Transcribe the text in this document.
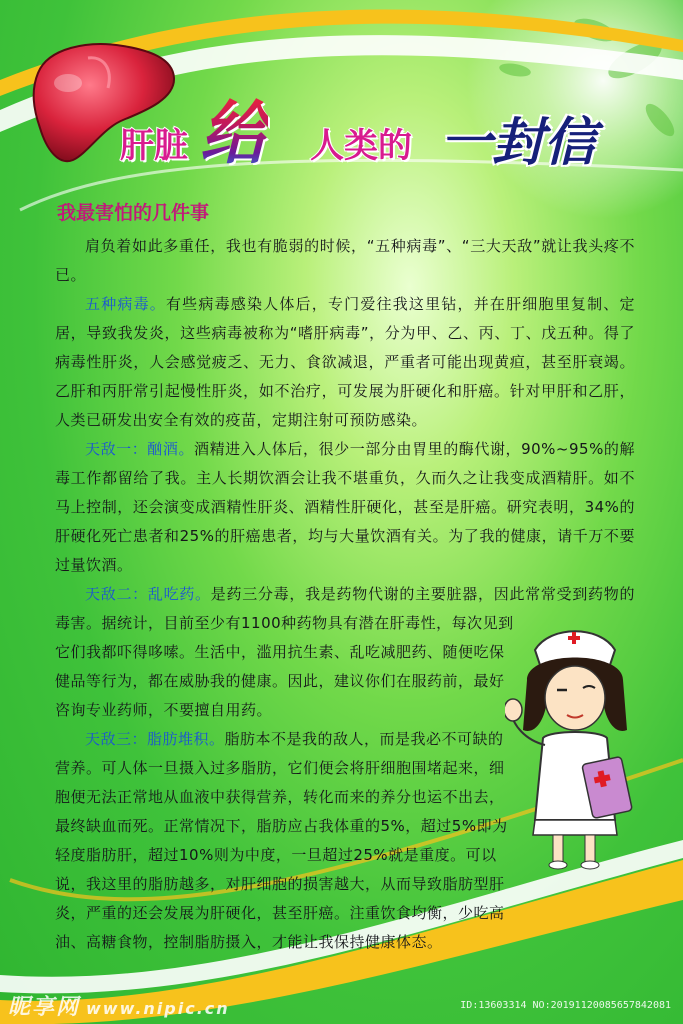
肝脏 给 人类的 一封信
我最害怕的几件事

肩负着如此多重任，我也有脆弱的时候，“五种病毒”、“三大天敌”就让我头疼不已。

五种病毒。有些病毒感染人体后，专门爱往我这里钻，并在肝细胞里复制、定居，导致我发炎，这些病毒被称为“嗜肝病毒”，分为甲、乙、丙、丁、戊五种。得了病毒性肝炎，人会感觉疲乏、无力、食欲减退，严重者可能出现黄疸，甚至肝衰竭。乙肝和丙肝常引起慢性肝炎，如不治疗，可发展为肝硬化和肝癌。针对甲肝和乙肝，人类已研发出安全有效的疫苗，定期注射可预防感染。

天敌一：酗酒。酒精进入人体后，很少一部分由胃里的酶代谢，90%~95%的解毒工作都留给了我。主人长期饮酒会让我不堪重负，久而久之让我变成酒精肝。如不马上控制，还会演变成酒精性肝炎、酒精性肝硬化，甚至是肝癌。研究表明，34%的肝硬化死亡患者和25%的肝癌患者，均与大量饮酒有关。为了我的健康，请千万不要过量饮酒。

天敌二：乱吃药。是药三分毒，我是药物代谢的主要脏器，因此常常受到药物的毒害。据统计，目前至少有1100种药物具有潜在肝毒性，每次见到

它们我都吓得哆嗦。生活中，滥用抗生素、乱吃减肥药、随便吃保健品等行为，都在威胁我的健康。因此，建议你们在服药前，最好咨询专业药师，不要擅自用药。

天敌三：脂肪堆积。脂肪本不是我的敌人，而是我必不可缺的营养。可人体一旦摄入过多脂肪，它们便会将肝细胞围堵起来，细胞便无法正常地从血液中获得营养，转化而来的养分也运不出去，最终缺血而死。正常情况下，脂肪应占我体重的5%，超过5%即为轻度脂肪肝，超过10%则为中度，一旦超过25%就是重度。可以说，我这里的脂肪越多，对肝细胞的损害越大，从而导致脂肪型肝炎，严重的还会发展为肝硬化，甚至肝癌。注重饮食均衡，少吃高油、高糖食物，控制脂肪摄入，才能让我保持健康体态。

昵享网 www.nipic.cn	ID:13603314 NO:20191120085657842081
